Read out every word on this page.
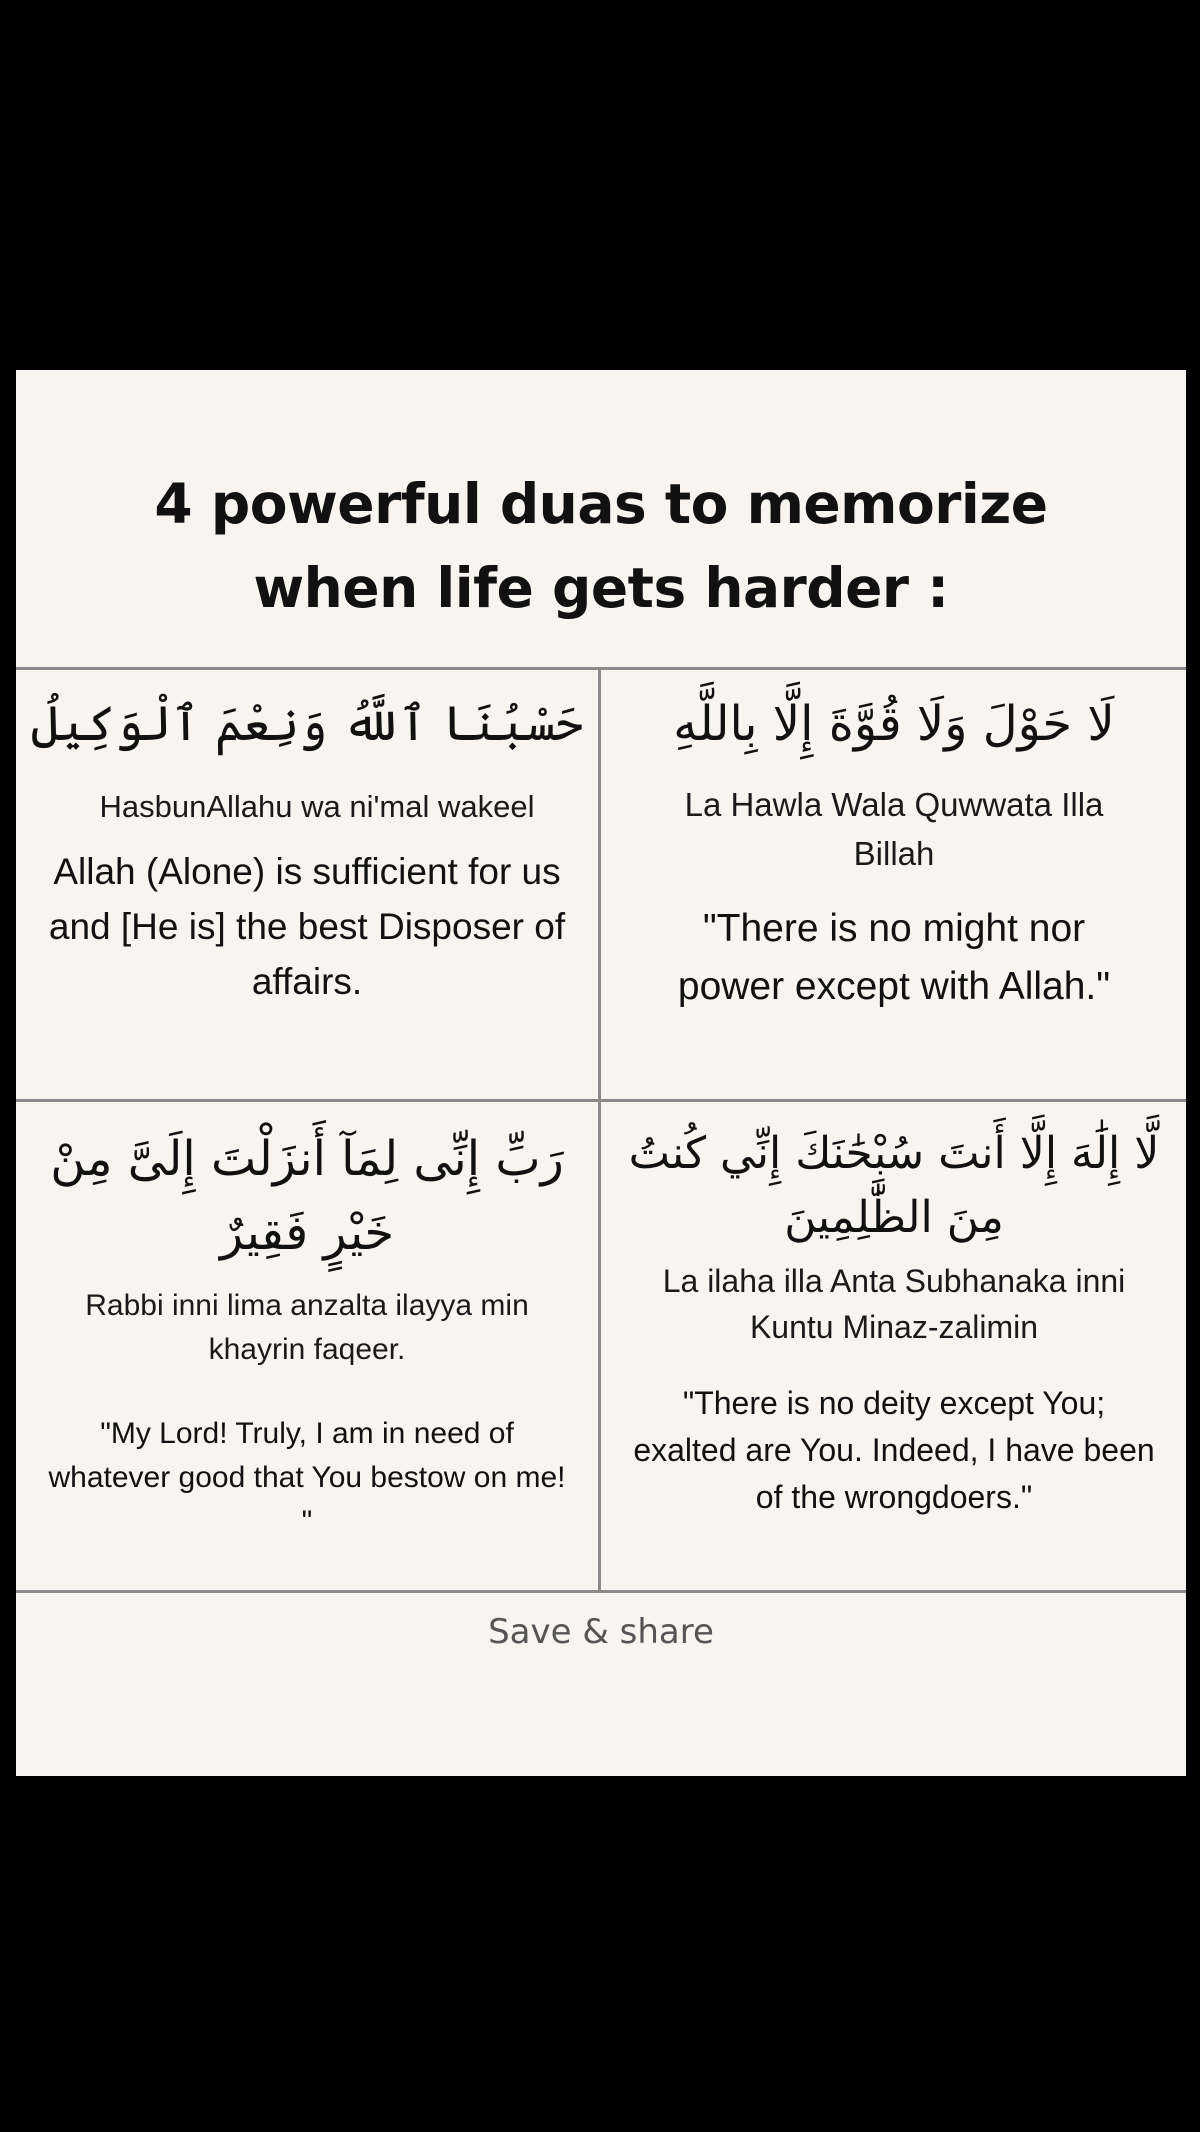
4 powerful duas to memorize
when life gets harder :
حَسْبُنَا ٱللَّهُ وَنِعْمَ ٱلْوَكِيلُ
HasbunAllahu wa ni'mal wakeel
Allah (Alone) is sufficient for us and [He is] the best Disposer of affairs.
لَا حَوْلَ وَلَا قُوَّةَ إِلَّا بِاللَّهِ
La Hawla Wala Quwwata Illa Billah
"There is no might nor power except with Allah."
رَبِّ إِنِّى لِمَآ أَنزَلْتَ إِلَىَّ مِنْ خَيْرٍ فَقِيرٌ
Rabbi inni lima anzalta ilayya min khayrin faqeer.
"My Lord! Truly, I am in need of whatever good that You bestow on me! "
لَّا إِلَٰهَ إِلَّا أَنتَ سُبْحَٰنَكَ إِنِّي كُنتُ مِنَ الظَّٰلِمِينَ
La ilaha illa Anta Subhanaka inni Kuntu Minaz-zalimin
"There is no deity except You; exalted are You. Indeed, I have been of the wrongdoers."
Save & share
